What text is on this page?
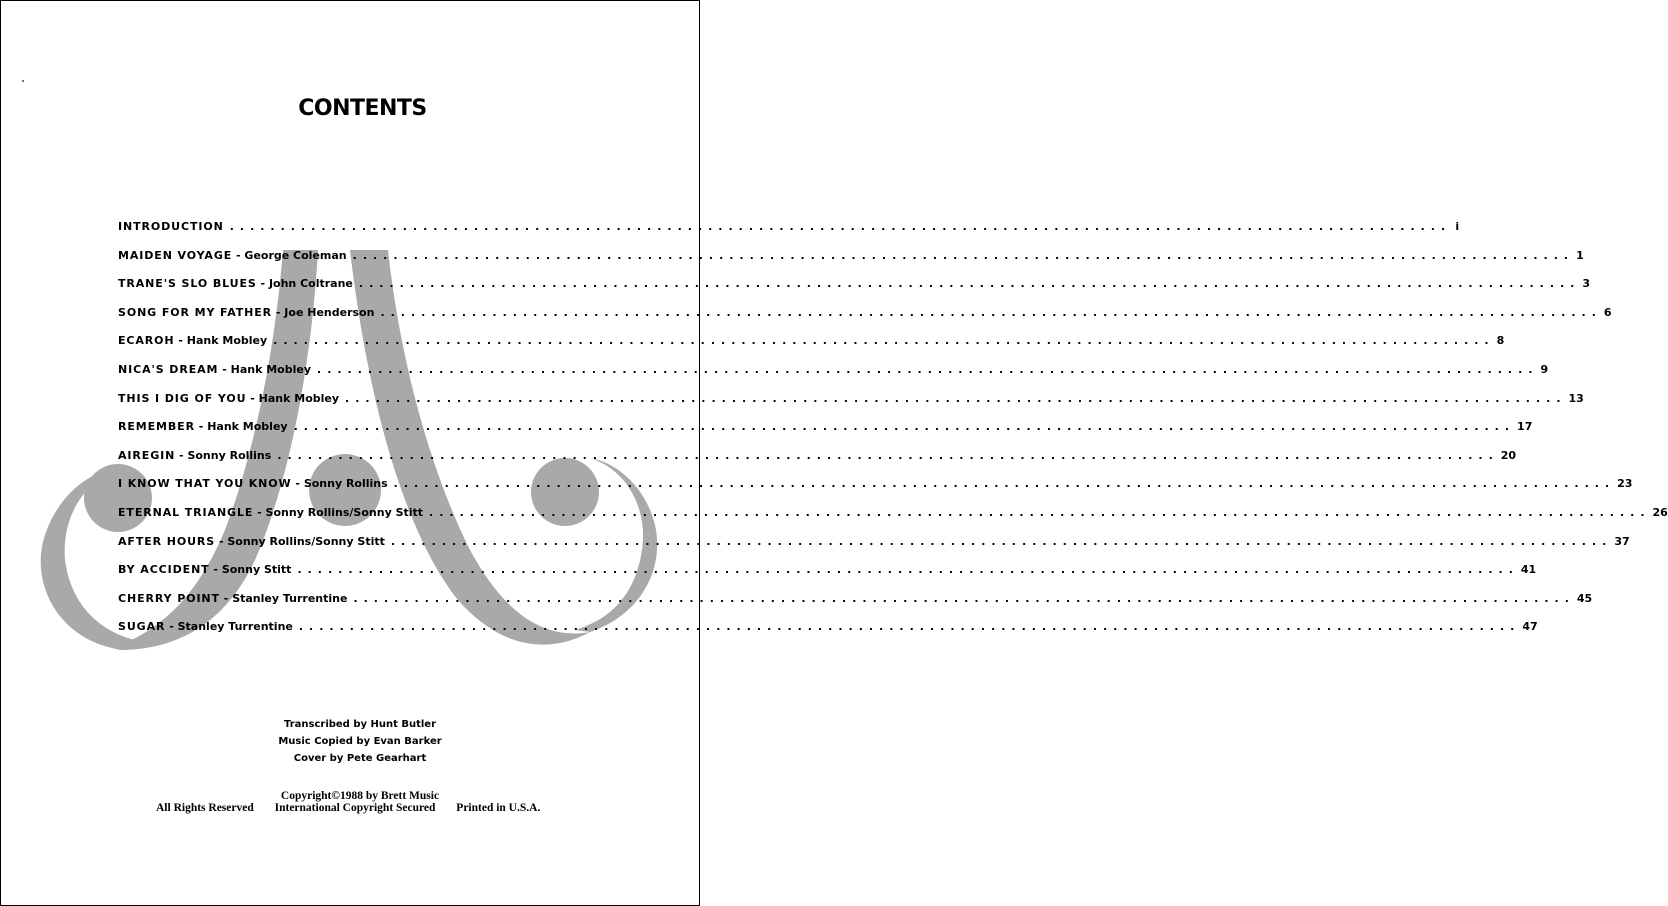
CONTENTS
INTRODUCTION ........................................................................................................................ i
MAIDEN VOYAGE - George Coleman ........................................................................................................................ 1
TRANE'S SLO BLUES - John Coltrane ........................................................................................................................ 3
SONG FOR MY FATHER - Joe Henderson ........................................................................................................................ 6
ECAROH - Hank Mobley ........................................................................................................................ 8
NICA'S DREAM - Hank Mobley ........................................................................................................................ 9
THIS I DIG OF YOU - Hank Mobley ........................................................................................................................ 13
REMEMBER - Hank Mobley ........................................................................................................................ 17
AIREGIN - Sonny Rollins ........................................................................................................................ 20
I KNOW THAT YOU KNOW - Sonny Rollins ........................................................................................................................ 23
ETERNAL TRIANGLE - Sonny Rollins/Sonny Stitt ........................................................................................................................ 26
AFTER HOURS - Sonny Rollins/Sonny Stitt ........................................................................................................................ 37
BY ACCIDENT - Sonny Stitt ........................................................................................................................ 41
CHERRY POINT - Stanley Turrentine ........................................................................................................................ 45
SUGAR - Stanley Turrentine ........................................................................................................................ 47
Transcribed by Hunt Butler
Music Copied by Evan Barker
Cover by Pete Gearhart
Copyright©1988 by Brett Music
All Rights Reserved International Copyright Secured Printed in U.S.A.
